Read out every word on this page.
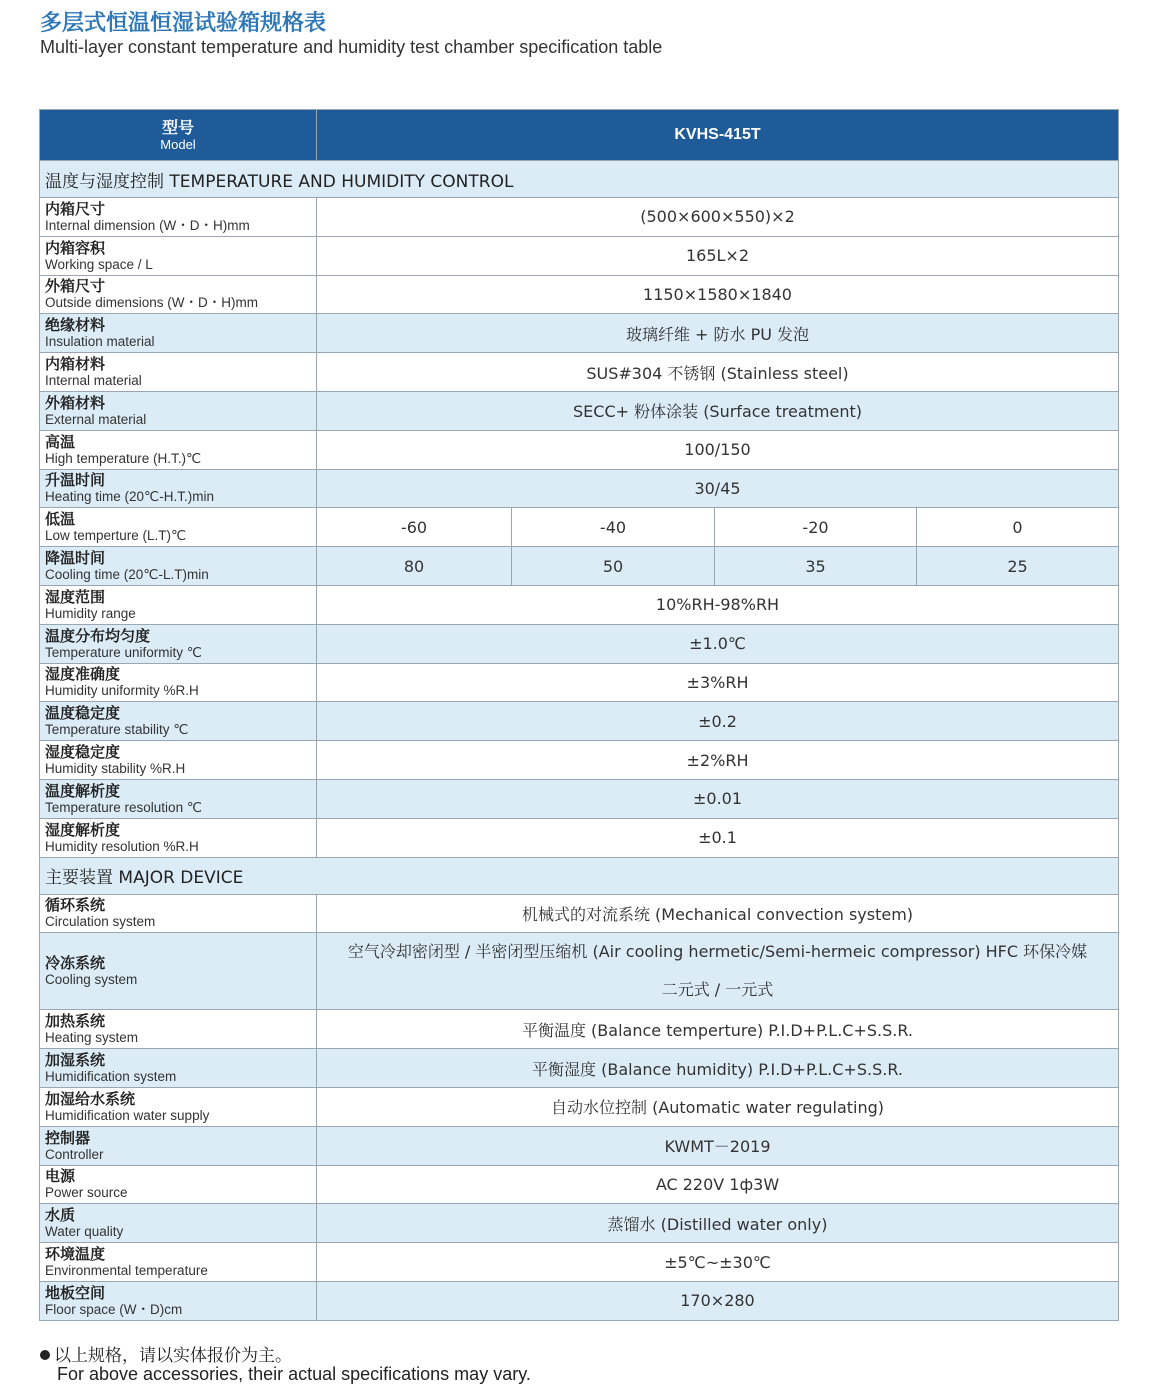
多层式恒温恒湿试验箱规格表
Multi-layer constant temperature and humidity test chamber specification table
型号
Model	KVHS-415T			
温度与湿度控制 TEMPERATURE AND HUMIDITY CONTROL				

内箱尺寸
Internal dimension (W・D・H)mm	(500×600×550)×2			

内箱容积
Working space / L	165L×2			

外箱尺寸
Outside dimensions (W・D・H)mm	1150×1580×1840			

绝缘材料
Insulation material	玻璃纤维 + 防水 PU 发泡			

内箱材料
Internal material	SUS#304 不锈钢 (Stainless steel)			

外箱材料
External material	SECC+ 粉体涂装 (Surface treatment)			

高温
High temperature (H.T.)℃	100/150			

升温时间
Heating time (20℃-H.T.)min	30/45			

低温
Low temperture (L.T)℃	-60	-40	-20	0

降温时间
Cooling time (20℃-L.T)min	80	50	35	25

湿度范围
Humidity range	10%RH-98%RH			

温度分布均匀度
Temperature uniformity ℃	±1.0℃			

湿度准确度
Humidity uniformity %R.H	±3%RH			

温度稳定度
Temperature stability ℃	±0.2			

湿度稳定度
Humidity stability %R.H	±2%RH			

温度解析度
Temperature resolution ℃	±0.01			

湿度解析度
Humidity resolution %R.H	±0.1			
主要装置 MAJOR DEVICE				

循环系统
Circulation system	机械式的对流系统 (Mechanical convection system)			

冷冻系统
Cooling system	空气冷却密闭型 / 半密闭型压缩机 (Air cooling hermetic/Semi-hermeic compressor) HFC 环保冷媒
二元式 / 一元式			

加热系统
Heating system	平衡温度 (Balance temperture) P.I.D+P.L.C+S.S.R.			

加湿系统
Humidification system	平衡湿度 (Balance humidity) P.I.D+P.L.C+S.S.R.			

加湿给水系统
Humidification water supply	自动水位控制 (Automatic water regulating)			

控制器
Controller	KWMT－2019			

电源
Power source	AC 220V 1ф3W			

水质
Water quality	蒸馏水 (Distilled water only)			

环境温度
Environmental temperature	±5℃~±30℃			

地板空间
Floor space (W・D)cm	170×280			
以上规格，请以实体报价为主。
For above accessories, their actual specifications may vary.
